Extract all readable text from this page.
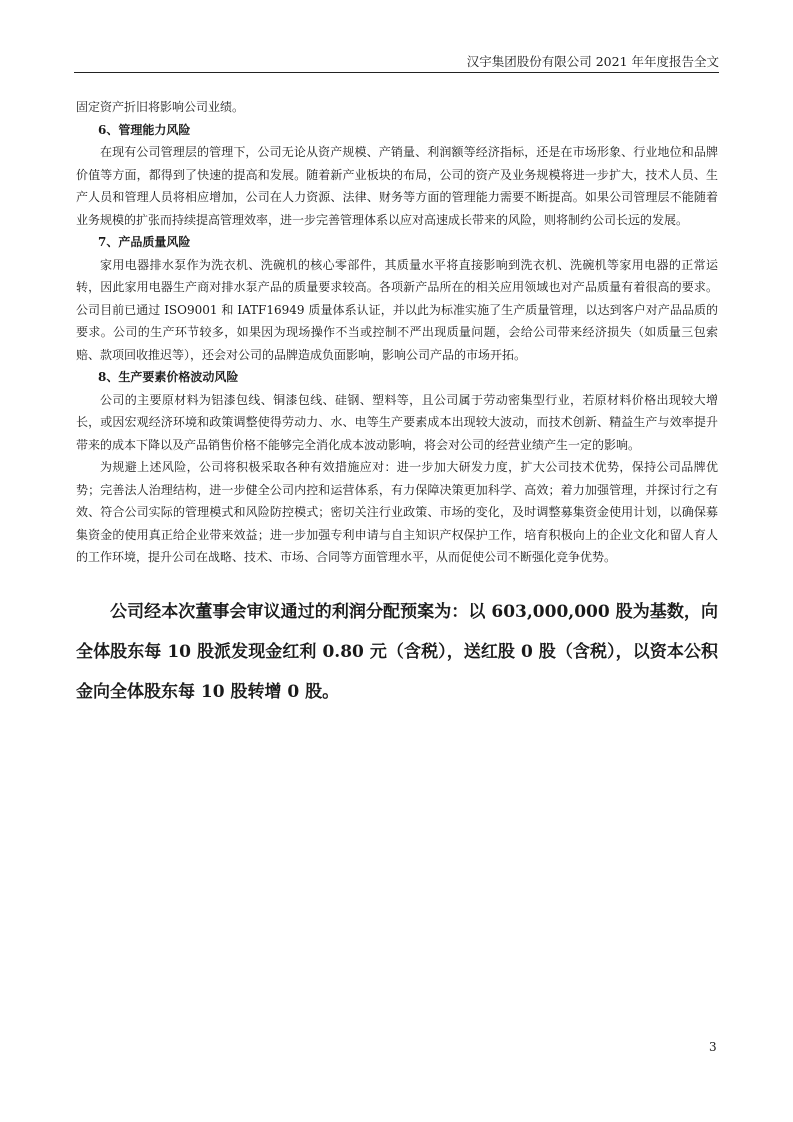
汉宇集团股份有限公司 2021 年年度报告全文

固定资产折旧将影响公司业绩。

6、管理能力风险

在现有公司管理层的管理下，公司无论从资产规模、产销量、利润额等经济指标，还是在市场形象、行业地位和品牌价值等方面，都得到了快速的提高和发展。随着新产业板块的布局，公司的资产及业务规模将进一步扩大，技术人员、生产人员和管理人员将相应增加，公司在人力资源、法律、财务等方面的管理能力需要不断提高。如果公司管理层不能随着业务规模的扩张而持续提高管理效率，进一步完善管理体系以应对高速成长带来的风险，则将制约公司长远的发展。

7、产品质量风险

家用电器排水泵作为洗衣机、洗碗机的核心零部件，其质量水平将直接影响到洗衣机、洗碗机等家用电器的正常运转，因此家用电器生产商对排水泵产品的质量要求较高。各项新产品所在的相关应用领域也对产品质量有着很高的要求。公司目前已通过 ISO9001 和 IATF16949 质量体系认证，并以此为标准实施了生产质量管理，以达到客户对产品品质的要求。公司的生产环节较多，如果因为现场操作不当或控制不严出现质量问题，会给公司带来经济损失（如质量三包索赔、款项回收推迟等），还会对公司的品牌造成负面影响，影响公司产品的市场开拓。

8、生产要素价格波动风险

公司的主要原材料为铝漆包线、铜漆包线、硅钢、塑料等，且公司属于劳动密集型行业，若原材料价格出现较大增长，或因宏观经济环境和政策调整使得劳动力、水、电等生产要素成本出现较大波动，而技术创新、精益生产与效率提升带来的成本下降以及产品销售价格不能够完全消化成本波动影响，将会对公司的经营业绩产生一定的影响。

为规避上述风险，公司将积极采取各种有效措施应对：进一步加大研发力度，扩大公司技术优势，保持公司品牌优势；完善法人治理结构，进一步健全公司内控和运营体系，有力保障决策更加科学、高效；着力加强管理，并探讨行之有效、符合公司实际的管理模式和风险防控模式；密切关注行业政策、市场的变化，及时调整募集资金使用计划，以确保募集资金的使用真正给企业带来效益；进一步加强专利申请与自主知识产权保护工作，培育积极向上的企业文化和留人育人的工作环境，提升公司在战略、技术、市场、合同等方面管理水平，从而促使公司不断强化竞争优势。

公司经本次董事会审议通过的利润分配预案为：以 603,000,000 股为基数，向全体股东每 10 股派发现金红利 0.80 元（含税），送红股 0 股（含税），以资本公积金向全体股东每 10 股转增 0 股。

3
